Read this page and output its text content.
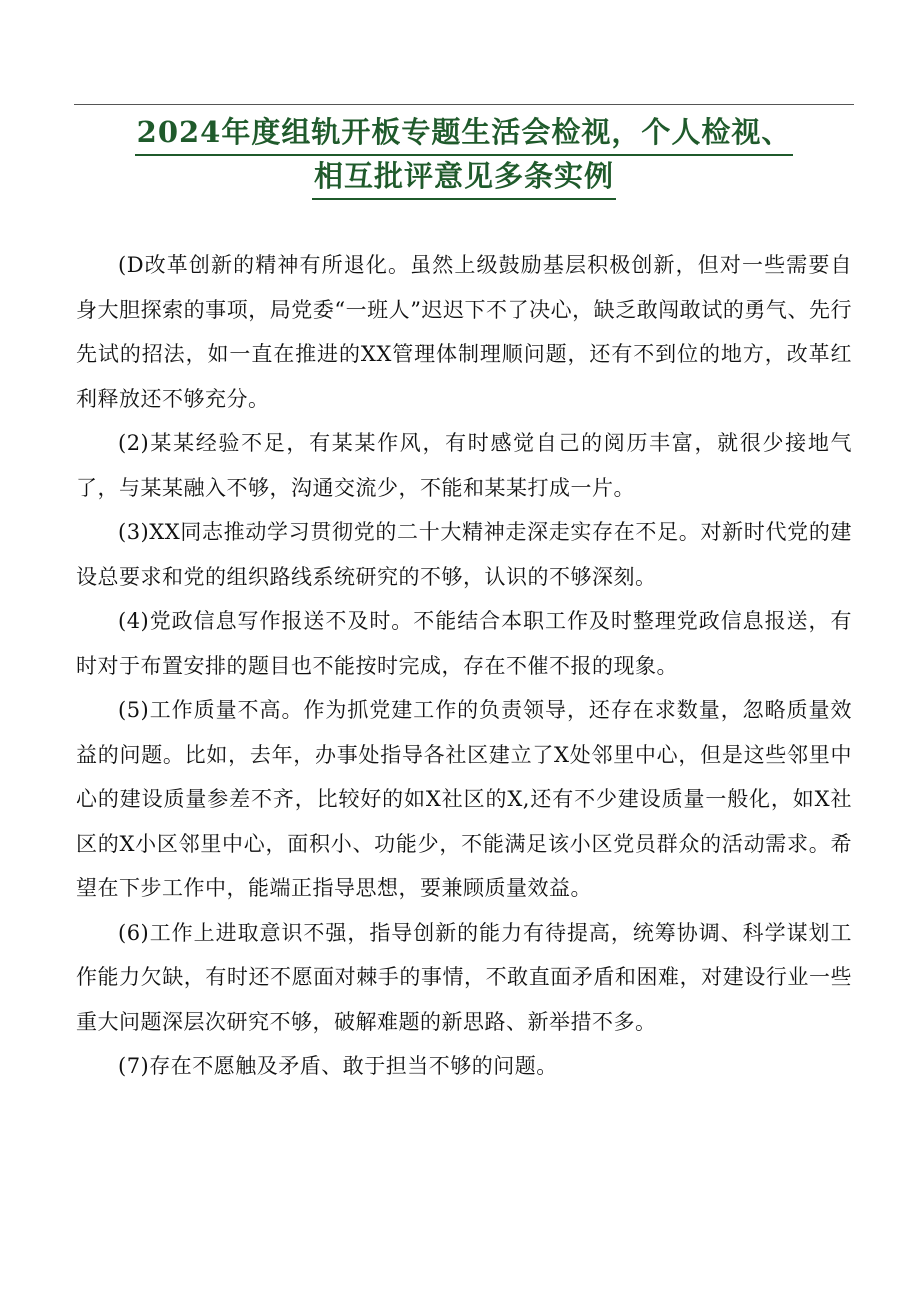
2024年度组轨开板专题生活会检视，个人检视、
相互批评意见多条实例

(D改革创新的精神有所退化。虽然上级鼓励基层积极创新，但对一些需要自身大胆探索的事项，局党委“一班人”迟迟下不了决心，缺乏敢闯敢试的勇气、先行先试的招法，如一直在推进的XX管理体制理顺问题，还有不到位的地方，改革红利释放还不够充分。

(2)某某经验不足，有某某作风，有时感觉自己的阅历丰富，就很少接地气了，与某某融入不够，沟通交流少，不能和某某打成一片。

(3)XX同志推动学习贯彻党的二十大精神走深走实存在不足。对新时代党的建设总要求和党的组织路线系统研究的不够，认识的不够深刻。

(4)党政信息写作报送不及时。不能结合本职工作及时整理党政信息报送，有时对于布置安排的题目也不能按时完成，存在不催不报的现象。

(5)工作质量不高。作为抓党建工作的负责领导，还存在求数量，忽略质量效益的问题。比如，去年，办事处指导各社区建立了X处邻里中心，但是这些邻里中心的建设质量参差不齐，比较好的如X社区的X,还有不少建设质量一般化，如X社区的X小区邻里中心，面积小、功能少，不能满足该小区党员群众的活动需求。希望在下步工作中，能端正指导思想，要兼顾质量效益。

(6)工作上进取意识不强，指导创新的能力有待提高，统筹协调、科学谋划工作能力欠缺，有时还不愿面对棘手的事情，不敢直面矛盾和困难，对建设行业一些重大问题深层次研究不够，破解难题的新思路、新举措不多。

(7)存在不愿触及矛盾、敢于担当不够的问题。
